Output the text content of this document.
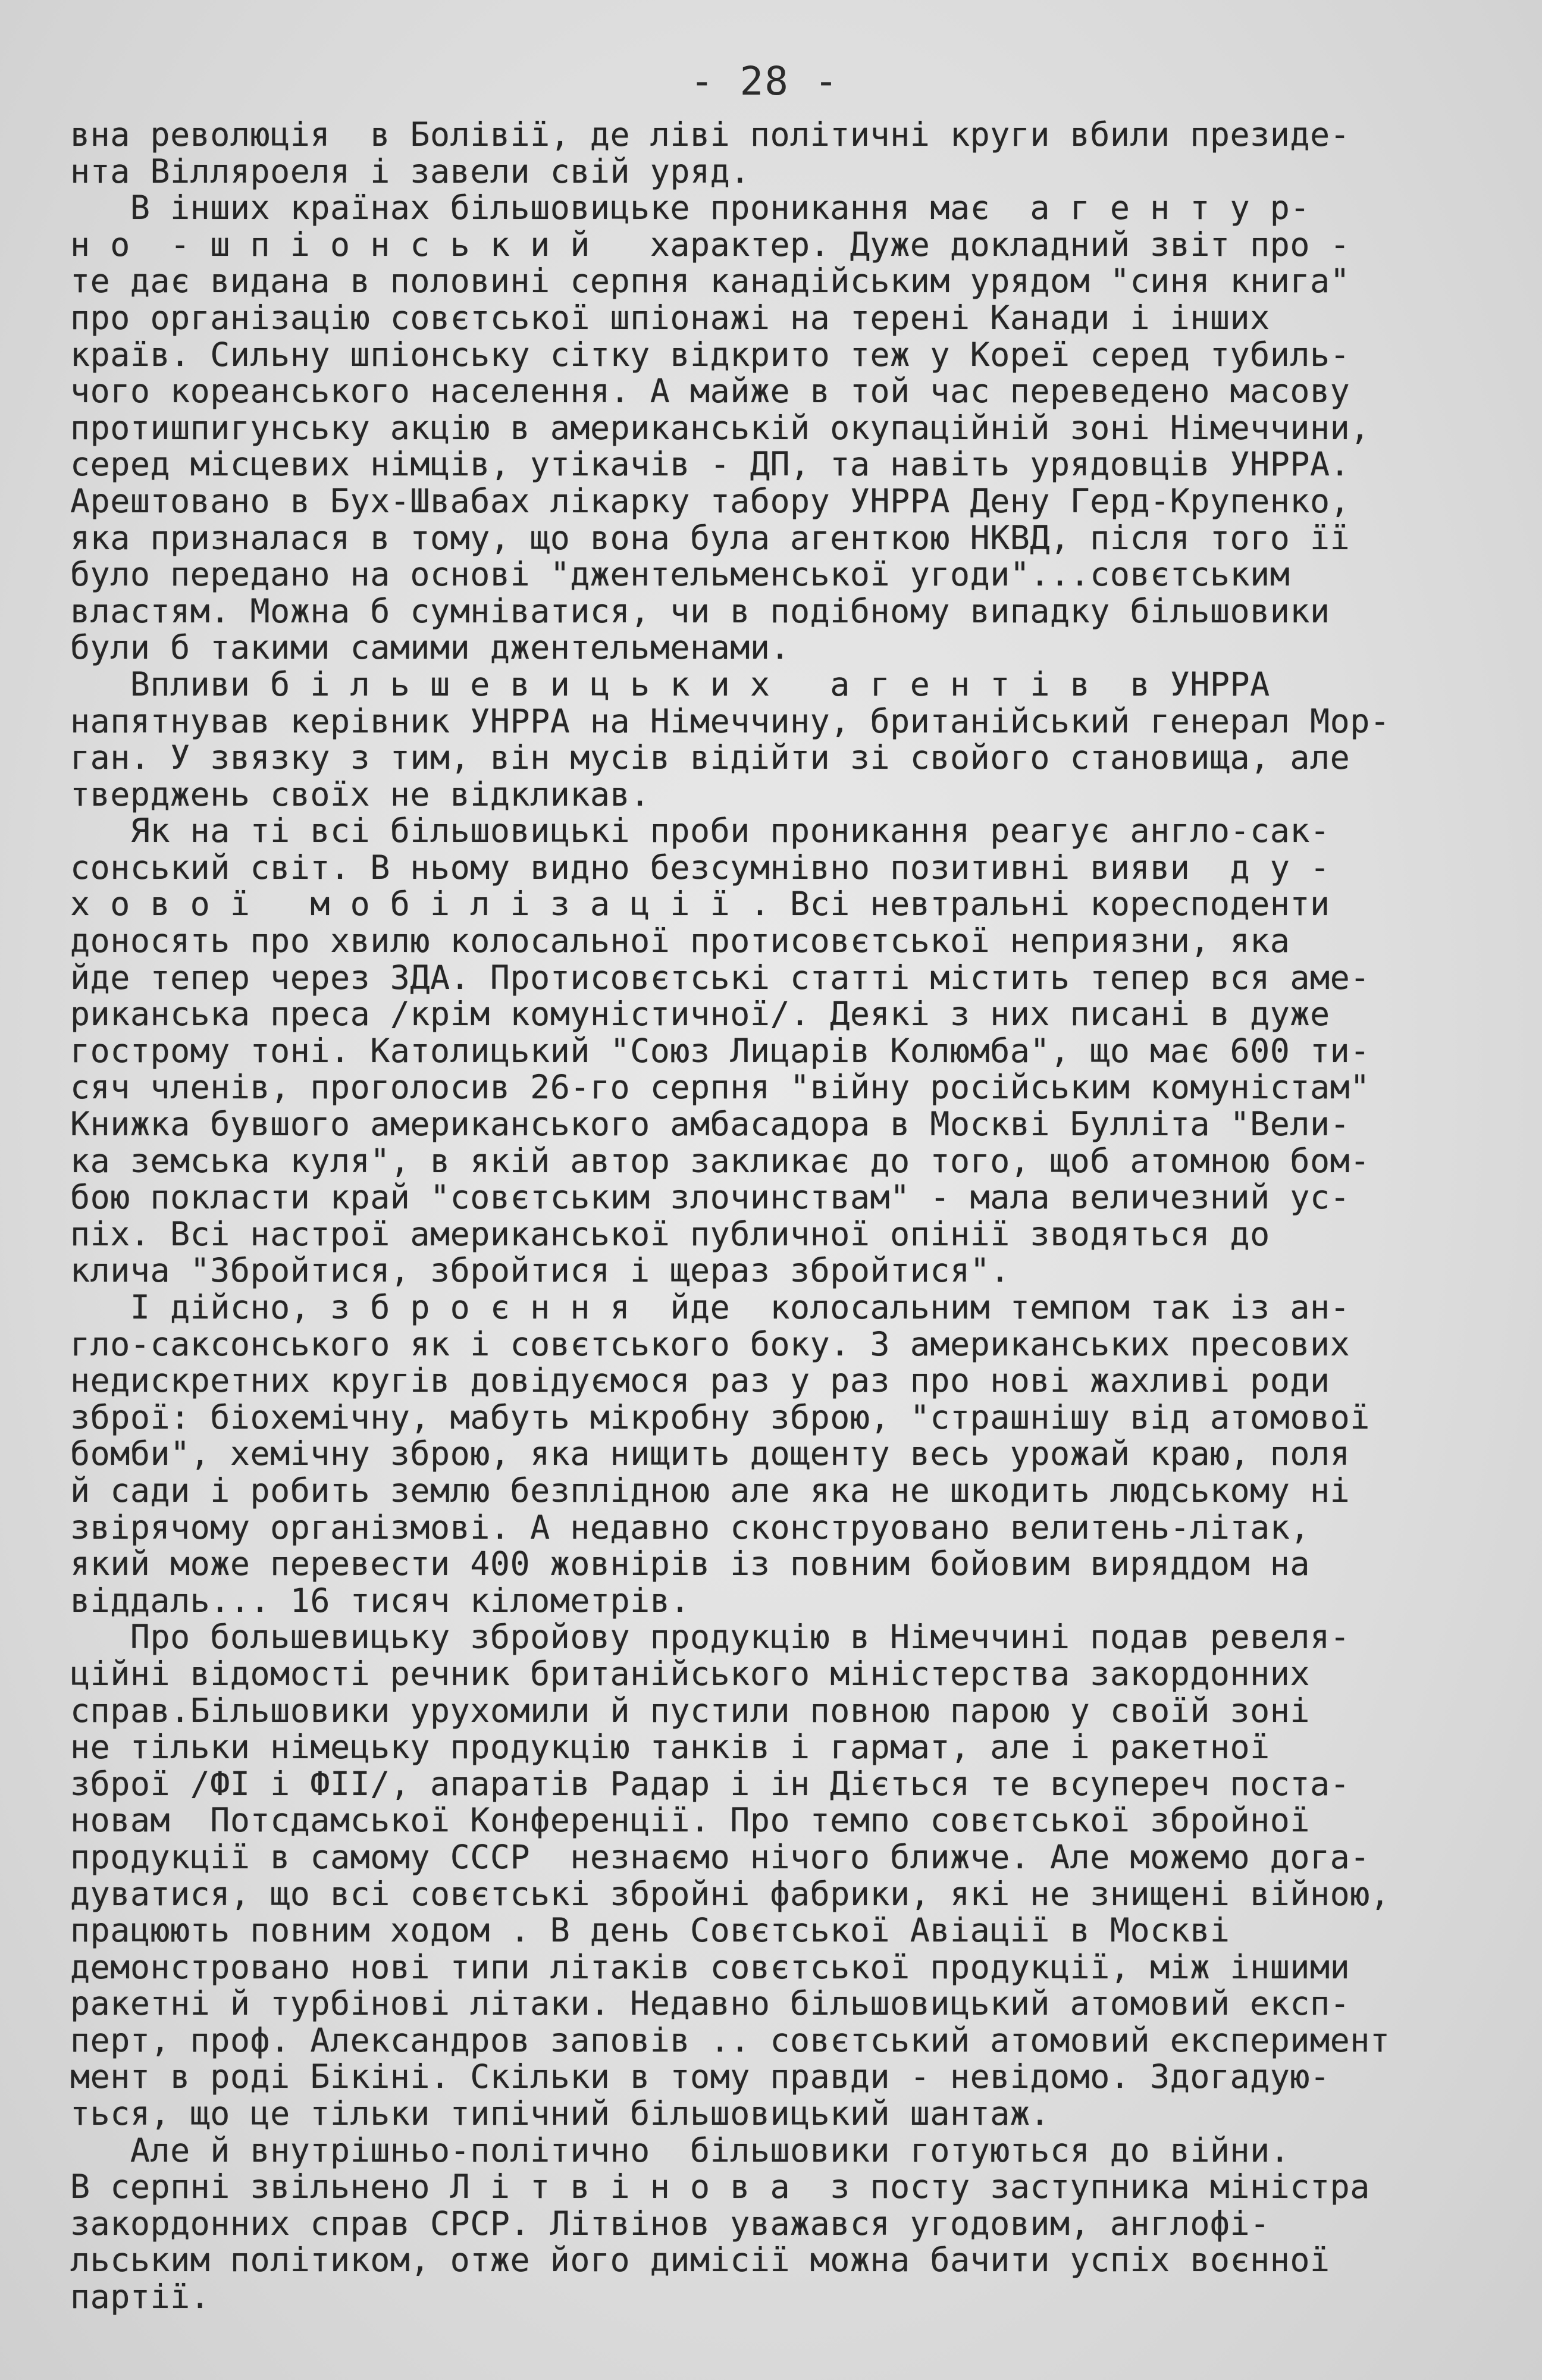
- 28 -
вна революція  в Болівії, де ліві політичні круги вбили президе-
нта Вілляроеля і завели свій уряд.
В інших країнах більшовицьке проникання має  а г е н т у р-
н о  - ш п і о н с ь к и й   характер. Дуже докладний звіт про -
те дає видана в половині серпня канадійським урядом "синя книга"
про організацію совєтської шпіонажі на терені Канади і інших
країв. Сильну шпіонську сітку відкрито теж у Кореї серед тубиль-
чого кореанського населення. А майже в той час переведено масову
протишпигунську акцію в американській окупаційній зоні Німеччини,
серед місцевих німців, утікачів - ДП, та навіть урядовців УНРРА.
Арештовано в Бух-Швабах лікарку табору УНРРА Дену Герд-Крупенко,
яка призналася в тому, що вона була агенткою НКВД, після того її
було передано на основі "джентельменської угоди"...совєтським
властям. Можна б сумніватися, чи в подібному випадку більшовики
були б такими самими джентельменами.
Впливи б і л ь ш е в и ц ь к и х   а г е н т і в  в УНРРА
напятнував керівник УНРРА на Німеччину, британійський генерал Мор-
ган. У звязку з тим, він мусів відійти зі свойого становища, але
тверджень своїх не відкликав.
Як на ті всі більшовицькі проби проникання реагує англо-сак-
сонський світ. В ньому видно безсумнівно позитивні вияви  д у -
х о в о ї   м о б і л і з а ц і ї . Всі невтральні коресподенти
доносять про хвилю колосальної протисовєтської неприязни, яка
йде тепер через ЗДА. Протисовєтські статті містить тепер вся аме-
риканська преса /крім комуністичної/. Деякі з них писані в дуже
гострому тоні. Католицький "Союз Лицарів Колюмба", що має 600 ти-
сяч членів, проголосив 26-го серпня "війну російським комуністам"
Книжка бувшого американського амбасадора в Москві Булліта "Вели-
ка земська куля", в якій автор закликає до того, щоб атомною бом-
бою покласти край "совєтським злочинствам" - мала величезний ус-
піх. Всі настрої американської публичної опінії зводяться до
клича "Збройтися, збройтися і щераз збройтися".
І дійсно, з б р о є н н я  йде  колосальним темпом так із ан-
гло-саксонського як і совєтського боку. З американських пресових
недискретних кругів довідуємося раз у раз про нові жахливі роди
зброї: біохемічну, мабуть мікробну зброю, "страшнішу від атомової
бомби", хемічну зброю, яка нищить дощенту весь урожай краю, поля
й сади і робить землю безплідною але яка не шкодить людському ні
звірячому організмові. А недавно сконструовано велитень-літак,
який може перевести 400 жовнірів із повним бойовим виряддом на
віддаль... 16 тисяч кілометрів.
Про большевицьку збройову продукцію в Німеччині подав ревеля-
ційні відомості речник британійського міністерства закордонних
справ.Більшовики урухомили й пустили повною парою у своїй зоні
не тільки німецьку продукцію танків і гармат, але і ракетної
зброї /ФІ і ФІІ/, апаратів Радар і ін Діється те всупереч поста-
новам  Потсдамської Конференції. Про темпо совєтської збройної
продукції в самому СССР  незнаємо нічого ближче. Але можемо дога-
дуватися, що всі совєтські збройні фабрики, які не знищені війною,
працюють повним ходом . В день Совєтської Авіації в Москві
демонстровано нові типи літаків совєтської продукції, між іншими
ракетні й турбінові літаки. Недавно більшовицький атомовий експ-
перт, проф. Александров заповів .. совєтський атомовий експеримент
мент в роді Бікіні. Скільки в тому правди - невідомо. Здогадую-
ться, що це тільки типічний більшовицький шантаж.
Але й внутрішньо-політично  більшовики готуються до війни.
В серпні звільнено Л і т в і н о в а  з посту заступника міністра
закордонних справ СРСР. Літвінов уважався угодовим, англофі-
льським політиком, отже його димісії можна бачити успіх воєнної
партії.
